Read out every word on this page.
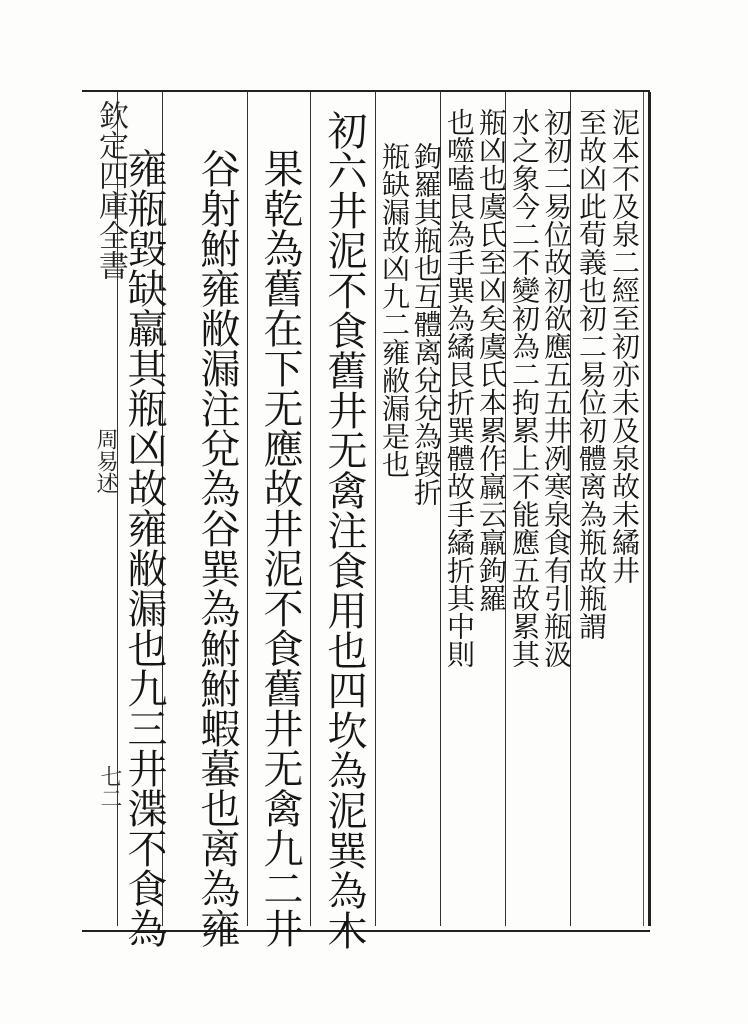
欽定四庫全書
周易述
七二
泥本不及泉二經至初亦未及泉故未繘井
至故凶此荀義也初二易位初體离為瓶故瓶謂
初初二易位故初欲應五五井冽寒泉食有引瓶汲
水之象今二不變初為二拘累上不能應五故累其
瓶凶也虞氏至凶矣虞氏本累作羸云羸鉤羅
也噬嗑艮為手巽為繘艮折巽體故手繘折其中則
鉤羅其瓶也互體离兌兌為毀折
瓶缺漏故凶九二雍敝漏是也
初六井泥不食舊井无禽注食用也四坎為泥巽為木
果乾為舊在下无應故井泥不食舊井无禽九二井
谷射鮒雍敝漏注兌為谷巽為鮒鮒蝦蟇也离為雍
雍瓶毀缺羸其瓶凶故雍敝漏也九三井渫不食為
